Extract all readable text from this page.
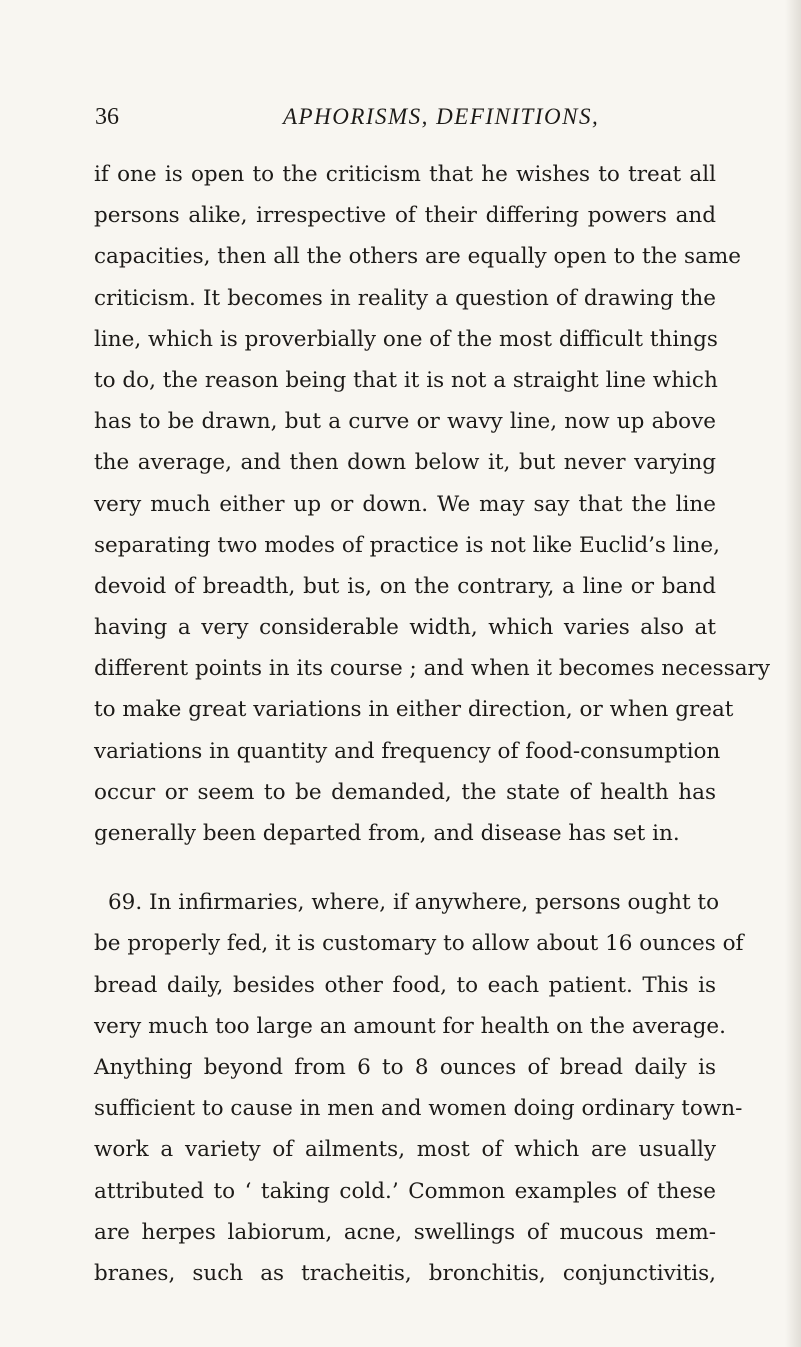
36	APHORISMS, DEFINITIONS,
if one is open to the criticism that he wishes to treat all
persons alike, irrespective of their differing powers and
capacities, then all the others are equally open to the same
criticism. It becomes in reality a question of drawing the
line, which is proverbially one of the most difficult things
to do, the reason being that it is not a straight line which
has to be drawn, but a curve or wavy line, now up above
the average, and then down below it, but never varying
very much either up or down. We may say that the line
separating two modes of practice is not like Euclid’s line,
devoid of breadth, but is, on the contrary, a line or band
having a very considerable width, which varies also at
different points in its course ; and when it becomes necessary
to make great variations in either direction, or when great
variations in quantity and frequency of food-consumption
occur or seem to be demanded, the state of health has
generally been departed from, and disease has set in.
69. In infirmaries, where, if anywhere, persons ought to
be properly fed, it is customary to allow about 16 ounces of
bread daily, besides other food, to each patient. This is
very much too large an amount for health on the average.
Anything beyond from 6 to 8 ounces of bread daily is
sufficient to cause in men and women doing ordinary town-
work a variety of ailments, most of which are usually
attributed to ‘ taking cold.’ Common examples of these
are herpes labiorum, acne, swellings of mucous mem-
branes, such as tracheitis, bronchitis, conjunctivitis,
